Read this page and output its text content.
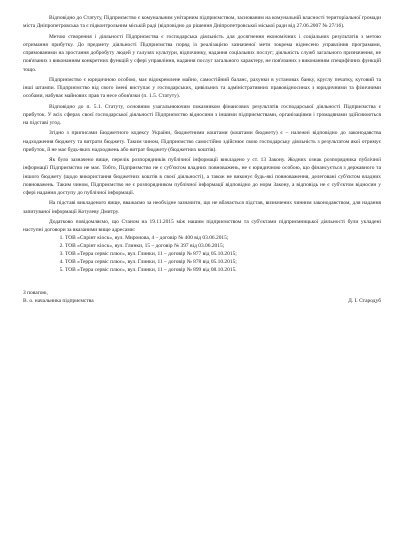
Відповідно до Статуту, Підприємство є комунальним унітарним підприємством, заснованим на комунальній власності територіальної громади міста Дніпропетровська та є підконтрольним міській раді (відповідно до рішення Дніпропетровської міської ради від 27.06.2007 № 27/16).

Метою створення і діяльності Підприємства є господарська діяльність для досягнення економічних і соціальних результатів з метою отримання прибутку. До предмету діяльності Підприємства поряд із реалізацією зазначеної мети зокрема віднесено управління програмами, спрямованими на зростання добробуту людей у галузях культури, відпочинку, надання соціальних послуг; діяльність служб загального призначення, не пов'язаних з виконанням конкретних функцій у сфері управління, надання послуг загального характеру, не пов'язаних з виконанням специфічних функцій тощо.

Підприємство є юридичною особою, має відокремлене майно, самостійний баланс, рахунки в установах банку, круглу печатку, кутовий та інші штампи. Підприємство від свого імені виступає у господарських, цивільних та адміністративних правовідносинах з юридичними та фізичними особами, набуває майнових прав та несе обов'язки (п. 1.5. Статуту).

Відповідно до п. 5.1. Статуту, основним узагальнюючим показником фінансових результатів господарської діяльності Підприємства є прибуток. У всіх сферах своєї господарської діяльності Підприємство відносини з іншими підприємствами, організаціями і громадянами здійснюються на підставі угод.

Згідно з приписами Бюджетного кодексу України, бюджетними коштами (коштами бюджету) є – належні відповідно до законодавства надходження бюджету та витрати бюджету. Таким чином, Підприємство самостійно здійснює свою господарську діяльність з результатом якої отримує прибуток, й не має будь-яких надходжень або витрат бюджету (бюджетних коштів).

Як було зазначено вище, перелік розпорядників публічної інформації викладено у ст. 13 Закону. Жодних ознак розпорядника публічної інформації Підприємство не має. Тобто, Підприємство не є суб'єктом владних повноважень, не є юридичною особою, що фінансується з державного та іншого бюджету (щодо використання бюджетних коштів в своєї діяльності), а також не виконує будь-які повноваження, делеговані суб'єктом владних повноважень. Таким чином, Підприємство не є розпорядником публічної інформації відповідно до норм Закону, а відповідь не є суб'єктом відносин у сфері надання доступу до публічної інформації.

На підставі викладеного вище, вважаємо за необхідне зазначити, що не вбачається підстав, визначених чинним законодавством, для надання запитуваної інформації Котулеву Дмитру.

Додатково повідомляємо, що Станом на 19.11.2015 між нашим підприємством та суб'єктами підприємницької діяльності були укладені наступні договори за вказаними вище адресами:

1. ТОВ «Спрінт кіоск», вул. Миронова, 4 – договір № 400 від 03.06.2015;
2. ТОВ «Спрінт кіоск», вул. Глинки, 15 – договір № 397 від 03.06.2015;
3. ТОВ «Терра сервіс плюс», вул. Глинки, 11 – договір № 877 від 05.10.2015;
4. ТОВ «Терра сервіс плюс», вул. Глинки, 11 – договір № 878 від 05.10.2015;
5. ТОВ «Терра сервіс плюс», вул. Глинки, 11 – договір № 899 від 08.10.2015.
З повагою,
В. о. начальника підприємства	Д. І. Стародуб
